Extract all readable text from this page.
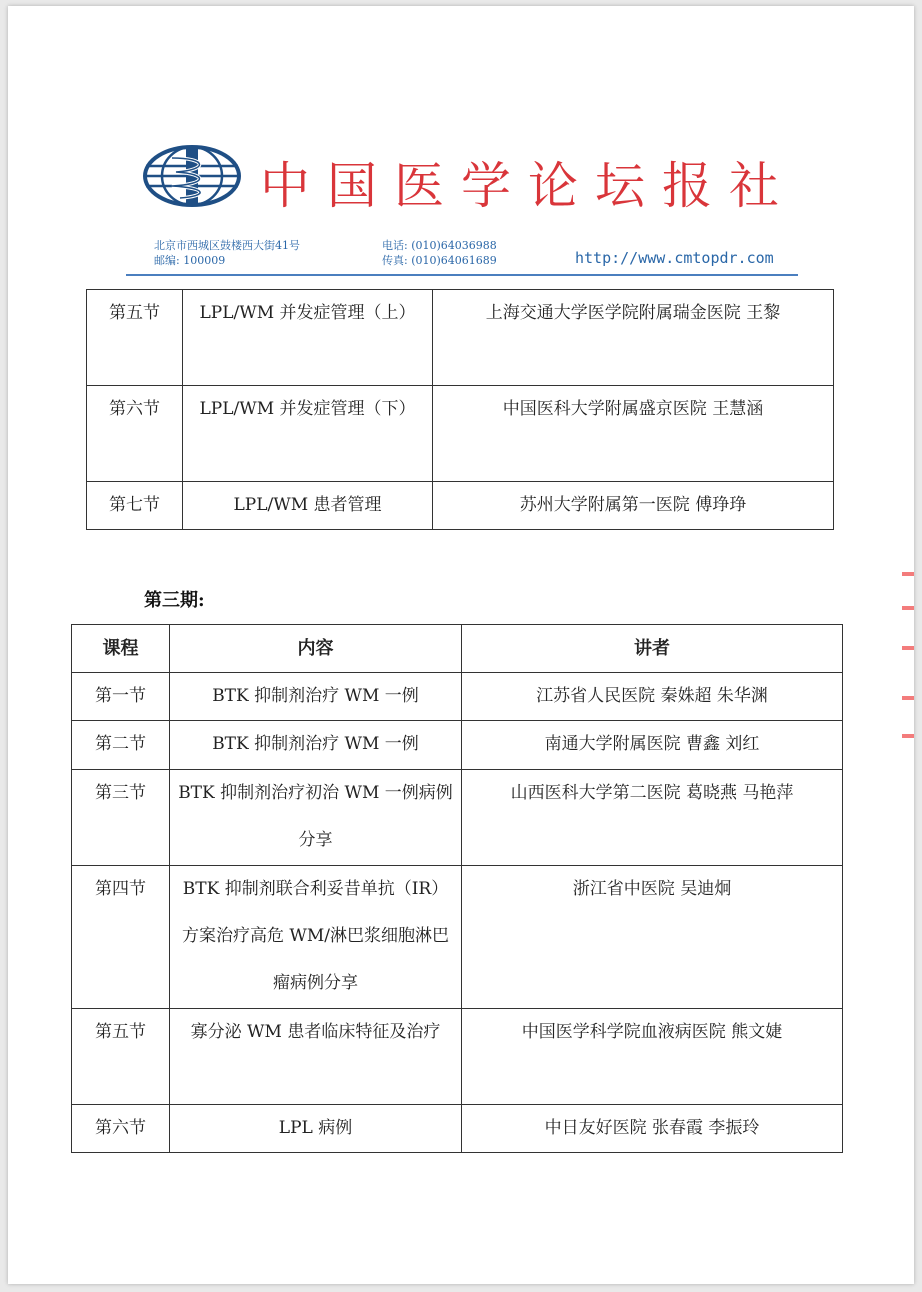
中国医学论坛报社
北京市西城区鼓楼西大街41号
邮编: 100009
电话: (010)64036988
传真: (010)64061689	http://www.cmtopdr.com
第五节	LPL/WM 并发症管理（上）	上海交通大学医学院附属瑞金医院 王黎
第六节	LPL/WM 并发症管理（下）	中国医科大学附属盛京医院 王慧涵
第七节	LPL/WM 患者管理	苏州大学附属第一医院 傅琤琤
第三期:
课程	内容	讲者
第一节	BTK 抑制剂治疗 WM 一例	江苏省人民医院 秦姝超 朱华渊
第二节	BTK 抑制剂治疗 WM 一例	南通大学附属医院 曹鑫 刘红
第三节	BTK 抑制剂治疗初治 WM 一例病例分享	山西医科大学第二医院 葛晓燕 马艳萍
第四节	BTK 抑制剂联合利妥昔单抗（IR）方案治疗高危 WM/淋巴浆细胞淋巴瘤病例分享	浙江省中医院 吴迪炯
第五节	寡分泌 WM 患者临床特征及治疗	中国医学科学院血液病医院 熊文婕
第六节	LPL 病例	中日友好医院 张春霞 李振玲
